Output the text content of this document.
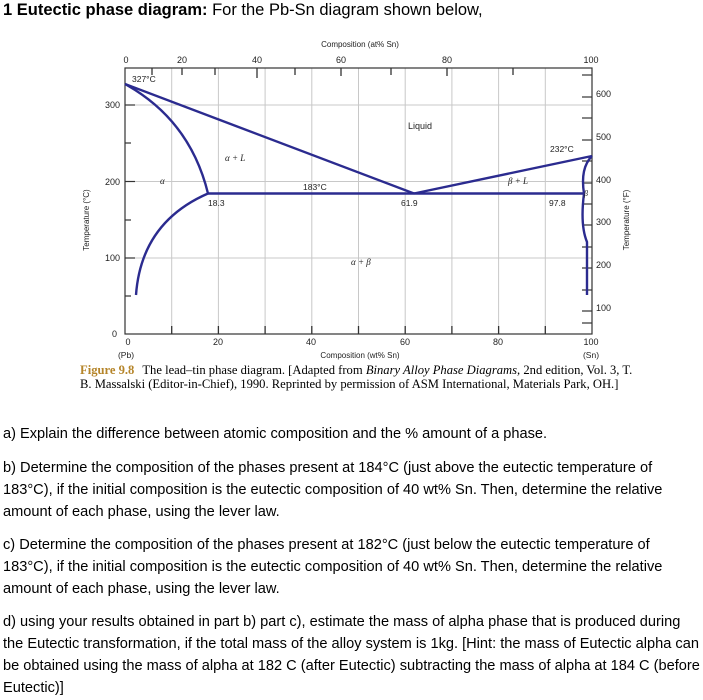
1 Eutectic phase diagram: For the Pb-Sn diagram shown below,
0	20	40	60	80	100
0	20	40	60	80	100
0
100
200
300
100
200
300
400
500
600
Composition (at% Sn)
Composition (wt% Sn)
(Pb)	(Sn)
Temperature (°C)	Temperature (°F)
327°C
232°C
183°C
18.3	61.9	97.8
Liquid
α + L
β + L
α
β
α + β
Figure 9.8 The lead–tin phase diagram. [Adapted from Binary Alloy Phase Diagrams, 2nd edition, Vol. 3, T. B. Massalski (Editor-in-Chief), 1990. Reprinted by permission of ASM International, Materials Park, OH.]

a) Explain the difference between atomic composition and the % amount of a phase.

b) Determine the composition of the phases present at 184°C (just above the eutectic temperature of 183°C), if the initial composition is the eutectic composition of 40 wt% Sn. Then, determine the relative amount of each phase, using the lever law.

c) Determine the composition of the phases present at 182°C (just below the eutectic temperature of 183°C), if the initial composition is the eutectic composition of 40 wt% Sn. Then, determine the relative amount of each phase, using the lever law.

d) using your results obtained in part b) part c), estimate the mass of alpha phase that is produced during the Eutectic transformation, if the total mass of the alloy system is 1kg. [Hint: the mass of Eutectic alpha can be obtained using the mass of alpha at 182 C (after Eutectic) subtracting the mass of alpha at 184 C (before Eutectic)]
